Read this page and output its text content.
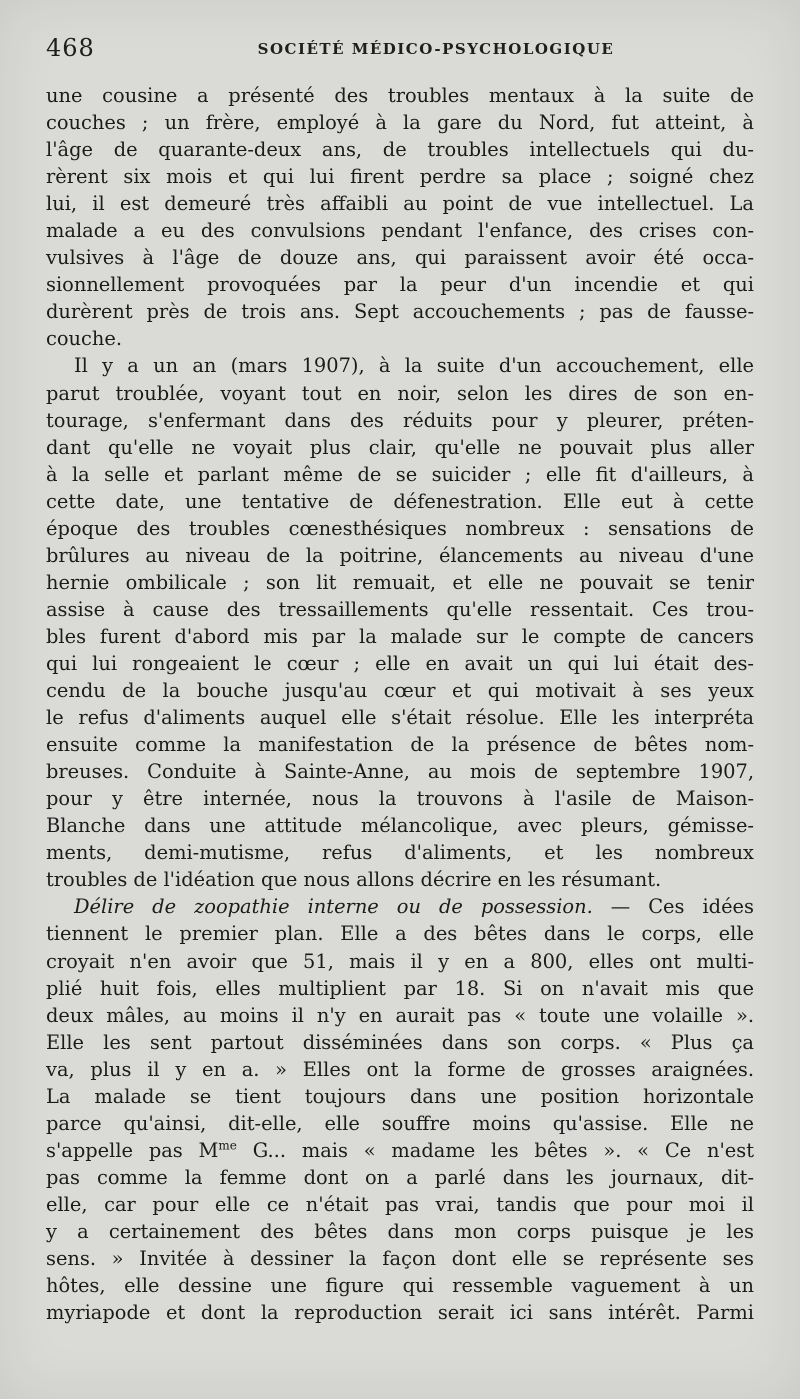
468	SOCIÉTÉ MÉDICO-PSYCHOLOGIQUE
une cousine a présenté des troubles mentaux à la suite de
couches ; un frère, employé à la gare du Nord, fut atteint, à
l'âge de quarante-deux ans, de troubles intellectuels qui du-
rèrent six mois et qui lui firent perdre sa place ; soigné chez
lui, il est demeuré très affaibli au point de vue intellectuel. La
malade a eu des convulsions pendant l'enfance, des crises con-
vulsives à l'âge de douze ans, qui paraissent avoir été occa-
sionnellement provoquées par la peur d'un incendie et qui
durèrent près de trois ans. Sept accouchements ; pas de fausse-
couche.
Il y a un an (mars 1907), à la suite d'un accouchement, elle
parut troublée, voyant tout en noir, selon les dires de son en-
tourage, s'enfermant dans des réduits pour y pleurer, préten-
dant qu'elle ne voyait plus clair, qu'elle ne pouvait plus aller
à la selle et parlant même de se suicider ; elle fit d'ailleurs, à
cette date, une tentative de défenestration. Elle eut à cette
époque des troubles cœnesthésiques nombreux : sensations de
brûlures au niveau de la poitrine, élancements au niveau d'une
hernie ombilicale ; son lit remuait, et elle ne pouvait se tenir
assise à cause des tressaillements qu'elle ressentait. Ces trou-
bles furent d'abord mis par la malade sur le compte de cancers
qui lui rongeaient le cœur ; elle en avait un qui lui était des-
cendu de la bouche jusqu'au cœur et qui motivait à ses yeux
le refus d'aliments auquel elle s'était résolue. Elle les interpréta
ensuite comme la manifestation de la présence de bêtes nom-
breuses. Conduite à Sainte-Anne, au mois de septembre 1907,
pour y être internée, nous la trouvons à l'asile de Maison-
Blanche dans une attitude mélancolique, avec pleurs, gémisse-
ments, demi-mutisme, refus d'aliments, et les nombreux
troubles de l'idéation que nous allons décrire en les résumant.
Délire de zoopathie interne ou de possession. — Ces idées
tiennent le premier plan. Elle a des bêtes dans le corps, elle
croyait n'en avoir que 51, mais il y en a 800, elles ont multi-
plié huit fois, elles multiplient par 18. Si on n'avait mis que
deux mâles, au moins il n'y en aurait pas « toute une volaille ».
Elle les sent partout disséminées dans son corps. « Plus ça
va, plus il y en a. » Elles ont la forme de grosses araignées.
La malade se tient toujours dans une position horizontale
parce qu'ainsi, dit-elle, elle souffre moins qu'assise. Elle ne
s'appelle pas $M^{me}$ G... mais « madame les bêtes ». « Ce n'est
pas comme la femme dont on a parlé dans les journaux, dit-
elle, car pour elle ce n'était pas vrai, tandis que pour moi il
y a certainement des bêtes dans mon corps puisque je les
sens. » Invitée à dessiner la façon dont elle se représente ses
hôtes, elle dessine une figure qui ressemble vaguement à un
myriapode et dont la reproduction serait ici sans intérêt. Parmi
